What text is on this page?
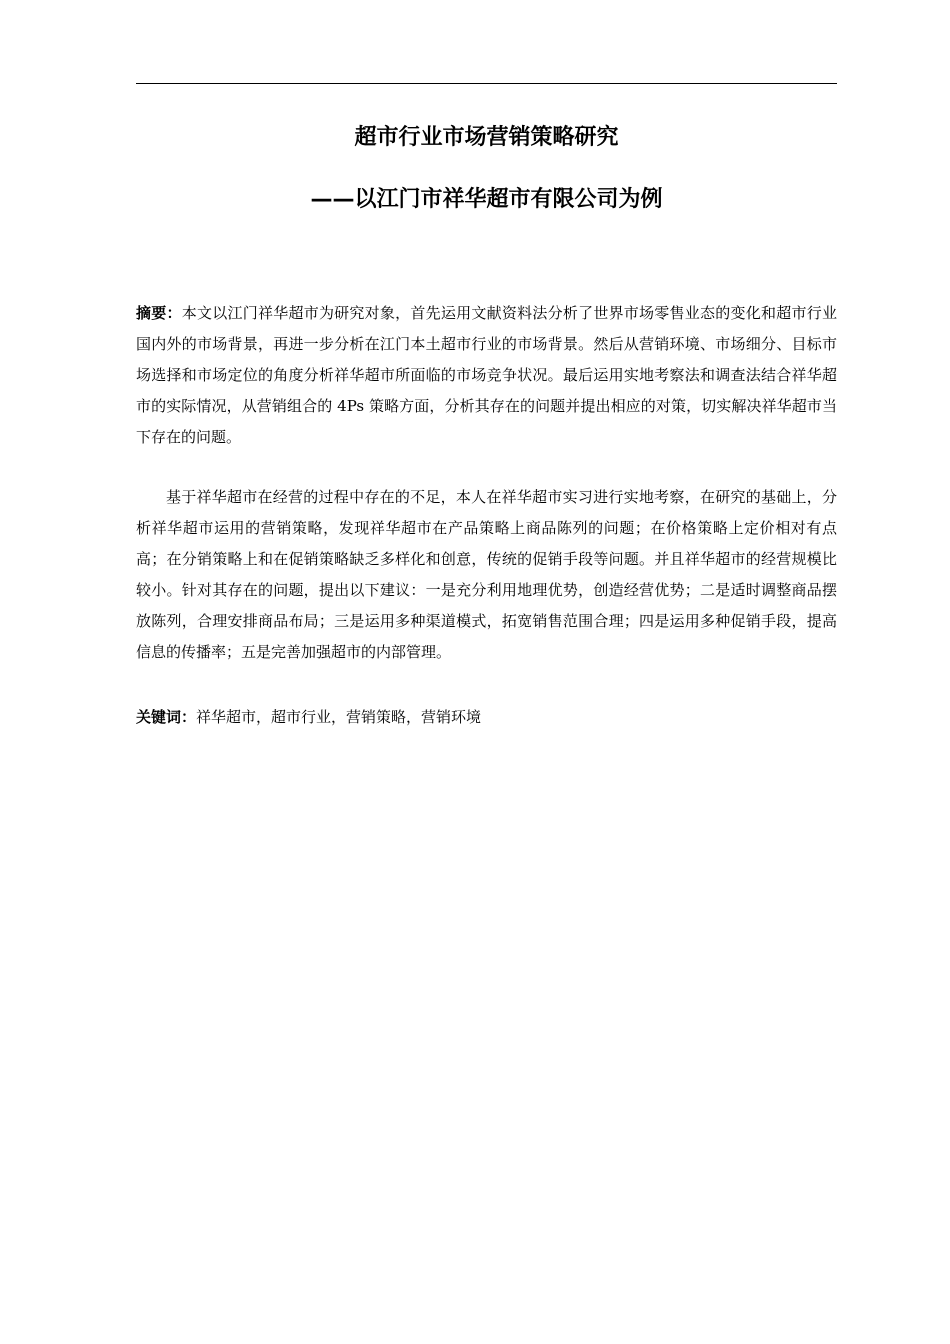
超市行业市场营销策略研究
——以江门市祥华超市有限公司为例
摘要：本文以江门祥华超市为研究对象，首先运用文献资料法分析了世界市场零售业态的变化和超市行业国内外的市场背景，再进一步分析在江门本土超市行业的市场背景。然后从营销环境、市场细分、目标市场选择和市场定位的角度分析祥华超市所面临的市场竞争状况。最后运用实地考察法和调查法结合祥华超市的实际情况，从营销组合的 4Ps 策略方面，分析其存在的问题并提出相应的对策，切实解决祥华超市当下存在的问题。
基于祥华超市在经营的过程中存在的不足，本人在祥华超市实习进行实地考察，在研究的基础上，分析祥华超市运用的营销策略，发现祥华超市在产品策略上商品陈列的问题；在价格策略上定价相对有点高；在分销策略上和在促销策略缺乏多样化和创意，传统的促销手段等问题。并且祥华超市的经营规模比较小。针对其存在的问题，提出以下建议：一是充分利用地理优势，创造经营优势；二是适时调整商品摆放陈列，合理安排商品布局；三是运用多种渠道模式，拓宽销售范围合理；四是运用多种促销手段，提高信息的传播率；五是完善加强超市的内部管理。
关键词：祥华超市，超市行业，营销策略，营销环境
